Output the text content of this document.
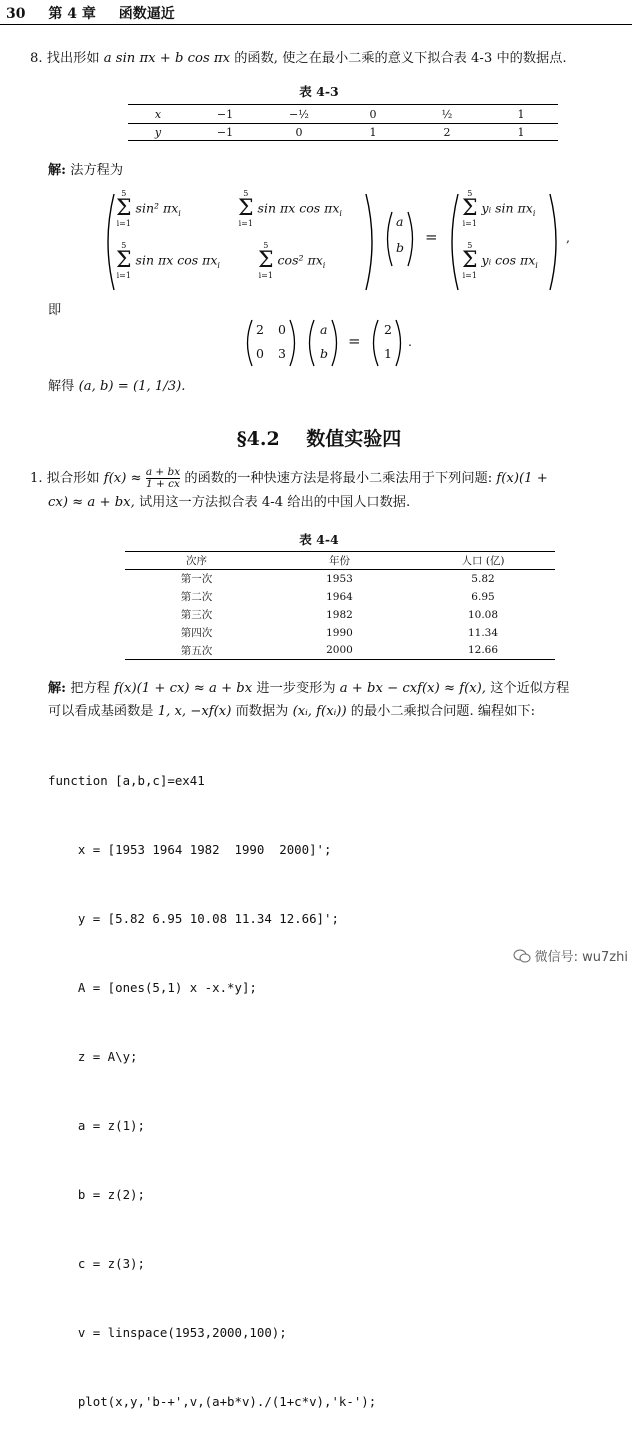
30 第 4 章 函数逼近
8. 找出形如 a sin πx + b cos πx 的函数, 使之在最小二乘的意义下拟合表 4-3 中的数据点.
表 4-3
x	−1	−½	0	½	1
y	−1	0	1	2	1
解: 法方程为
5
Σ
i=1
sin² $\pi x_i$
5
Σ
i=1
sin πx $\cos \pi x_i$
5
Σ
i=1
sin πx $\cos \pi x_i$
5
Σ
i=1
cos² $\pi x_i$
a
b
=
5
Σ
i=1
yᵢ $\sin \pi x_i$
5
Σ
i=1
yᵢ $\cos \pi x_i$
,
即
2 0
0 3
a
b
=
2
1
.
解得 (a, b) = (1, 1/3).
§4.2 数值实验四
1. 拟合形如 $f(x) \approx \frac{a + bx}{1 + cx}$ 的函数的一种快速方法是将最小二乘法用于下列问题: f(x)(1 +
cx) ≈ a + bx, 试用这一方法拟合表 4-4 给出的中国人口数据.
表 4-4
次序	年份	人口 (亿)
第一次	1953	5.82
第二次	1964	6.95
第三次	1982	10.08
第四次	1990	11.34
第五次	2000	12.66
解: 把方程 f(x)(1 + cx) ≈ a + bx 进一步变形为 a + bx − cxf(x) ≈ f(x), 这个近似方程
可以看成基函数是 1, x, −xf(x) 而数据为 (xᵢ, f(xᵢ)) 的最小二乘拟合问题. 编程如下:

function [a,b,c]=ex41

x = [1953 1964 1982  1990  2000]';

y = [5.82 6.95 10.08 11.34 12.66]';

A = [ones(5,1) x -x.*y];

z = A\y;

a = z(1);

b = z(2);

c = z(3);

v = linspace(1953,2000,100);

plot(x,y,'b-+',v,(a+b*v)./(1+c*v),'k-');

微信号: wu7zhi
